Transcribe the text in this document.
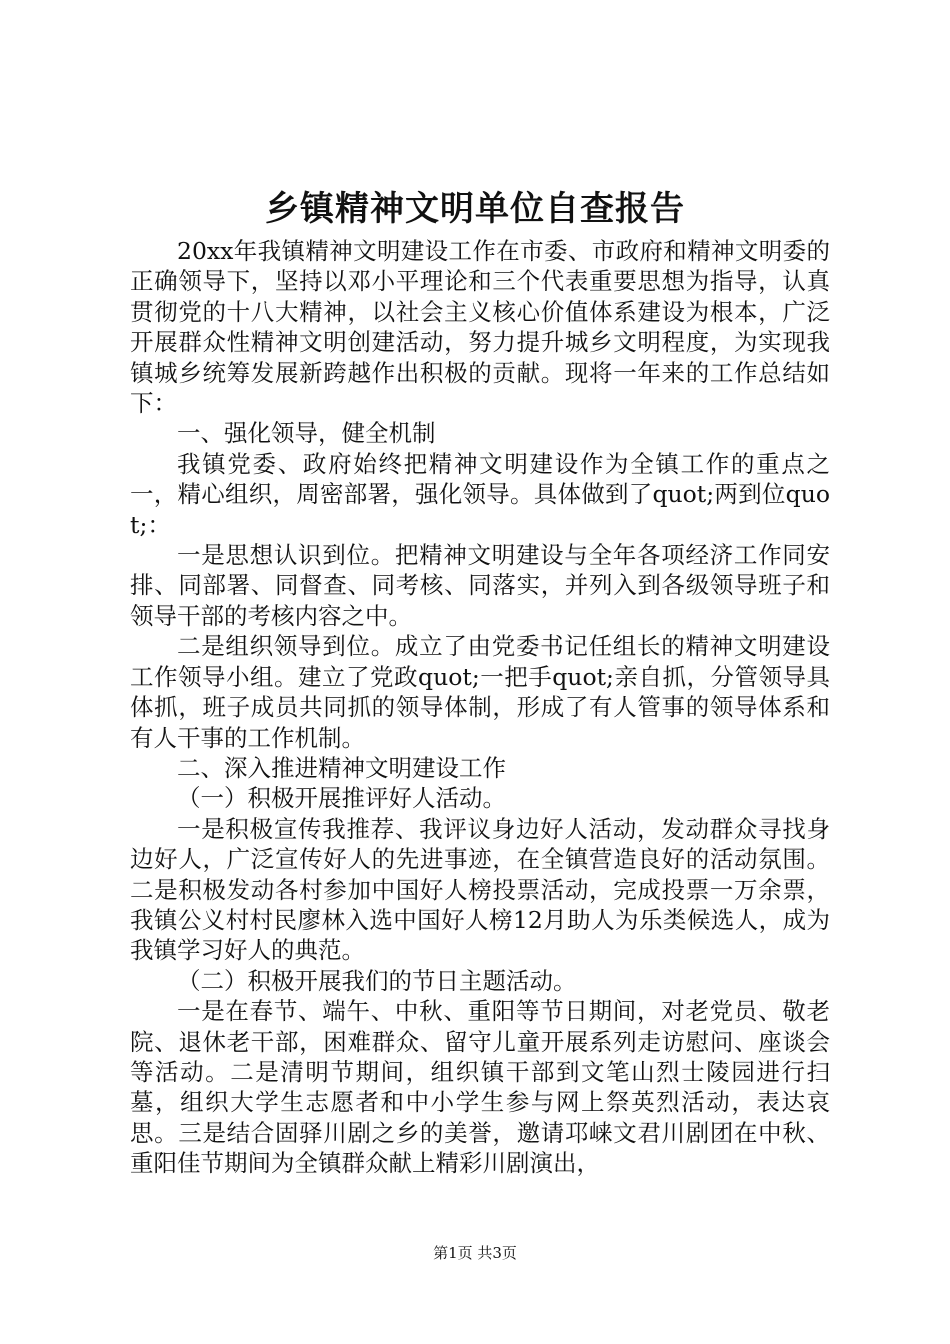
乡镇精神文明单位自查报告

20xx年我镇精神文明建设工作在市委、市政府和精神文明委的正确领导下，坚持以邓小平理论和三个代表重要思想为指导，认真贯彻党的十八大精神，以社会主义核心价值体系建设为根本，广泛开展群众性精神文明创建活动，努力提升城乡文明程度，为实现我镇城乡统筹发展新跨越作出积极的贡献。现将一年来的工作总结如下：

一、强化领导，健全机制

我镇党委、政府始终把精神文明建设作为全镇工作的重点之一，精心组织，周密部署，强化领导。具体做到了quot;两到位quot;：

一是思想认识到位。把精神文明建设与全年各项经济工作同安排、同部署、同督查、同考核、同落实，并列入到各级领导班子和领导干部的考核内容之中。

二是组织领导到位。成立了由党委书记任组长的精神文明建设工作领导小组。建立了党政quot;一把手quot;亲自抓，分管领导具体抓，班子成员共同抓的领导体制，形成了有人管事的领导体系和有人干事的工作机制。

二、深入推进精神文明建设工作

（一）积极开展推评好人活动。

一是积极宣传我推荐、我评议身边好人活动，发动群众寻找身边好人，广泛宣传好人的先进事迹，在全镇营造良好的活动氛围。二是积极发动各村参加中国好人榜投票活动，完成投票一万余票，我镇公义村村民廖林入选中国好人榜12月助人为乐类候选人，成为我镇学习好人的典范。

（二）积极开展我们的节日主题活动。

一是在春节、端午、中秋、重阳等节日期间，对老党员、敬老院、退休老干部，困难群众、留守儿童开展系列走访慰问、座谈会等活动。二是清明节期间，组织镇干部到文笔山烈士陵园进行扫墓，组织大学生志愿者和中小学生参与网上祭英烈活动，表达哀思。三是结合固驿川剧之乡的美誉，邀请邛崃文君川剧团在中秋、重阳佳节期间为全镇群众献上精彩川剧演出，

第1页 共3页
